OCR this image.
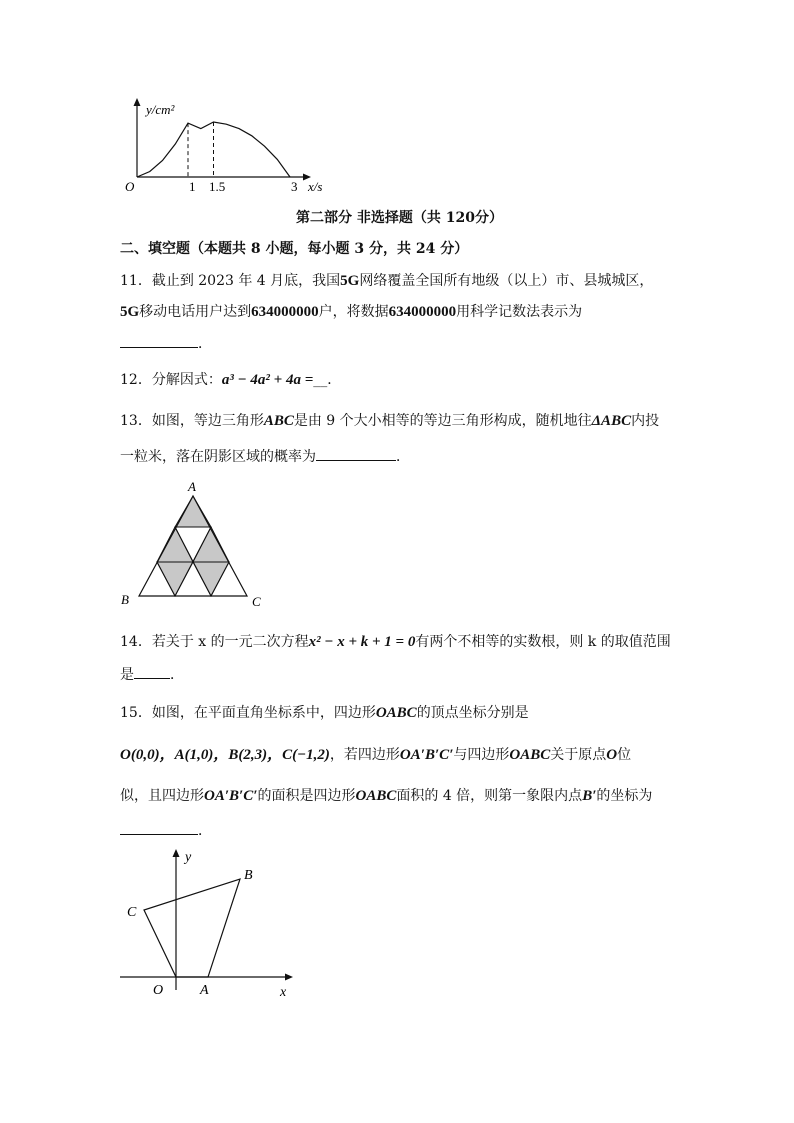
y/cm²
O	1 1.5	3 x/s
第二部分 非选择题（共 120分）
二、填空题（本题共 8 小题，每小题 3 分，共 24 分）
11．截止到 2023 年 4 月底，我国5G网络覆盖全国所有地级（以上）市、县城城区，
5G移动电话用户达到634000000户，将数据634000000用科学记数法表示为
．
12．分解因式：a³ − 4a² + 4a =__．
13．如图，等边三角形ABC是由 9 个大小相等的等边三角形构成，随机地往ΔABC内投
一粒米，落在阴影区域的概率为	．
A
B	C
14．若关于 x 的一元二次方程x² − x + k + 1 = 0有两个不相等的实数根，则 k 的取值范围
是	．
15．如图，在平面直角坐标系中，四边形OABC的顶点坐标分别是
O(0,0)，A(1,0)，B(2,3)，C(−1,2)，若四边形OA′B′C′与四边形OABC关于原点O位
似，且四边形OA′B′C′的面积是四边形OABC面积的 4 倍，则第一象限内点B′的坐标为
．
y
x
O	A
B
C
